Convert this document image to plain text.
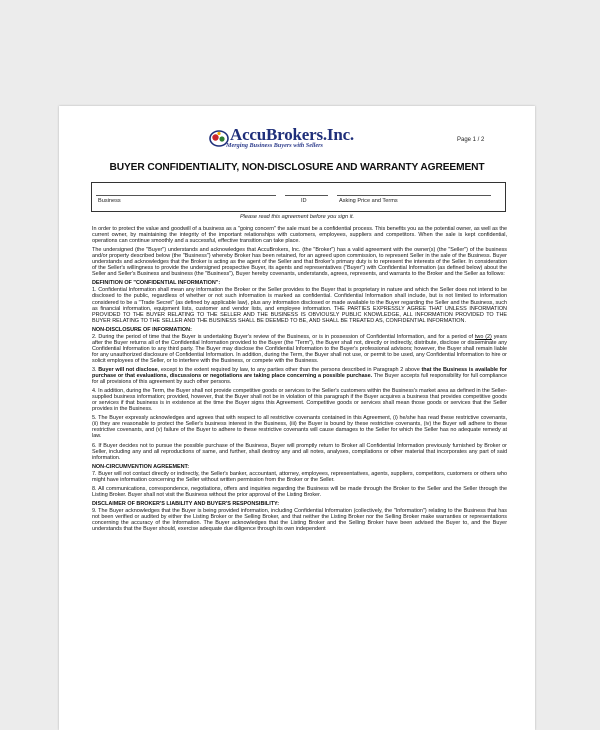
AccuBrokers.Inc.
Merging Business Buyers with Sellers
Page 1 / 2
BUYER CONFIDENTIALITY, NON-DISCLOSURE AND WARRANTY AGREEMENT
Business	ID	Asking Price and Terms
Please read this agreement before you sign it.

In order to protect the value and goodwill of a business as a "going concern" the sale must be a confidential process. This benefits you as the potential owner, as well as the current owner, by maintaining the integrity of the important relationships with customers, employees, suppliers and competitors. When the sale is kept confidential, operations can continue smoothly and a successful, effective transition can take place.

The undersigned (the "Buyer") understands and acknowledges that AccuBrokers, Inc. (the "Broker") has a valid agreement with the owner(s) (the "Seller") of the business and/or property described below (the "Business") whereby Broker has been retained, for an agreed upon commission, to represent Seller in the sale of the Business. Buyer understands and acknowledges that the Broker is acting as the agent of the Seller and that Broker's primary duty is to represent the interests of the Seller. In consideration of the Seller's willingness to provide the undersigned prospective Buyer, its agents and representatives ("Buyer") with Confidential Information (as defined below) about the Seller and Seller's Business and business (the "Business"), Buyer hereby covenants, understands, agrees, represents, and warrants to the Broker and the Seller as follows:

DEFINITION OF "CONFIDENTIAL INFORMATION":

1. Confidential Information shall mean any information the Broker or the Seller provides to the Buyer that is proprietary in nature and which the Seller does not intend to be disclosed to the public, regardless of whether or not such information is marked as confidential. Confidential Information shall include, but is not limited to information considered to be a "Trade Secret" (as defined by applicable law), plus any information disclosed or made available to the Buyer regarding the Seller and the Business, such as financial information, equipment lists, customer and vendor lists, and employee information. THE PARTIES EXPRESSLY AGREE THAT UNLESS INFORMATION PROVIDED TO THE BUYER RELATING TO THE SELLER AND THE BUSINESS IS OBVIOUSLY PUBLIC KNOWLEDGE, ALL INFORMATION PROVIDED TO THE BUYER RELATING TO THE SELLER AND THE BUSINESS SHALL BE DEEMED TO BE, AND SHALL BE TREATED AS, CONFIDENTIAL INFORMATION.

NON-DISCLOSURE OF INFORMATION:

2. During the period of time that the Buyer is undertaking Buyer's review of the Business, or is in possession of Confidential Information, and for a period of two (2) years after the Buyer returns all of the Confidential Information provided to the Buyer (the "Term"), the Buyer shall not, directly or indirectly, distribute, disclose or disseminate any Confidential Information to any third party. The Buyer may disclose the Confidential Information to the Buyer's professional advisors; however, the Buyer shall remain liable for any unauthorized disclosure of Confidential Information. In addition, during the Term, the Buyer shall not use, or permit to be used, any Confidential Information to hire or solicit employees of the Seller, or to interfere with the Business, or compete with the Business.

3. Buyer will not disclose, except to the extent required by law, to any parties other than the persons described in Paragraph 2 above that the Business is available for purchase or that evaluations, discussions or negotiations are taking place concerning a possible purchase. The Buyer accepts full responsibility for full compliance for all provisions of this agreement by such other persons.

4. In addition, during the Term, the Buyer shall not provide competitive goods or services to the Seller's customers within the Business's market area as defined in the Seller-supplied business information; provided, however, that the Buyer shall not be in violation of this paragraph if the Buyer acquires a business that provides competitive goods or services if that business is in existence at the time the Buyer signs this Agreement. Competitive goods or services shall mean those goods or services that the Seller provides in the Business.

5. The Buyer expressly acknowledges and agrees that with respect to all restrictive covenants contained in this Agreement, (i) he/she has read these restrictive covenants, (ii) they are reasonable to protect the Seller's business interest in the Business, (iii) the Buyer is bound by these restrictive covenants, (iv) the Buyer will adhere to these restrictive covenants, and (v) failure of the Buyer to adhere to these restrictive covenants will cause damages to the Seller for which the Seller has no adequate remedy at law.

6. If Buyer decides not to pursue the possible purchase of the Business, Buyer will promptly return to Broker all Confidential Information previously furnished by Broker or Seller, including any and all reproductions of same, and further, shall destroy any and all notes, analyses, compilations or other material that incorporates any part of said information.

NON-CIRCUMVENTION AGREEMENT:

7. Buyer will not contact directly or indirectly, the Seller's banker, accountant, attorney, employees, representatives, agents, suppliers, competitors, customers or others who might have information concerning the Seller without written permission from the Broker or the Seller.

8. All communications, correspondence, negotiations, offers and inquiries regarding the Business will be made through the Broker to the Seller and the Seller through the Listing Broker. Buyer shall not visit the Business without the prior approval of the Listing Broker.

DISCLAIMER OF BROKER'S LIABILITY AND BUYER'S RESPONSIBILITY:

9. The Buyer acknowledges that the Buyer is being provided information, including Confidential Information (collectively, the "Information") relating to the Business that has not been verified or audited by either the Listing Broker or the Selling Broker, and that neither the Listing Broker nor the Selling Broker make warranties or representations concerning the accuracy of the Information. The Buyer acknowledges that the Listing Broker and the Selling Broker have been advised the Buyer to, and the Buyer understands that the Buyer should, exercise adequate due diligence through its own independent
